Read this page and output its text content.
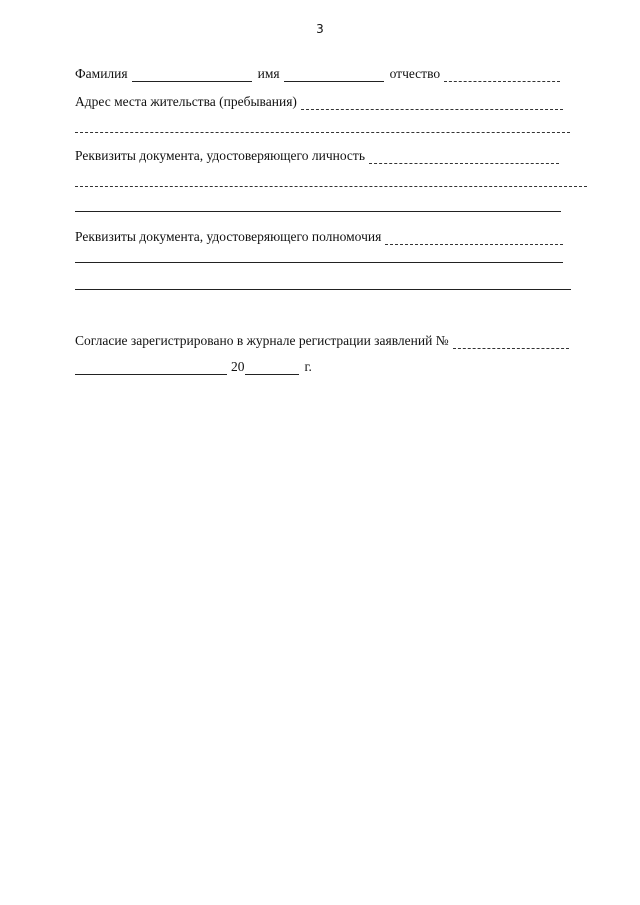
3
Фамилия	имя	отчество
Адрес места жительства (пребывания)
Реквизиты документа, удостоверяющего личность
Реквизиты документа, удостоверяющего полномочия
Согласие зарегистрировано в журнале регистрации заявлений №
20	г.
